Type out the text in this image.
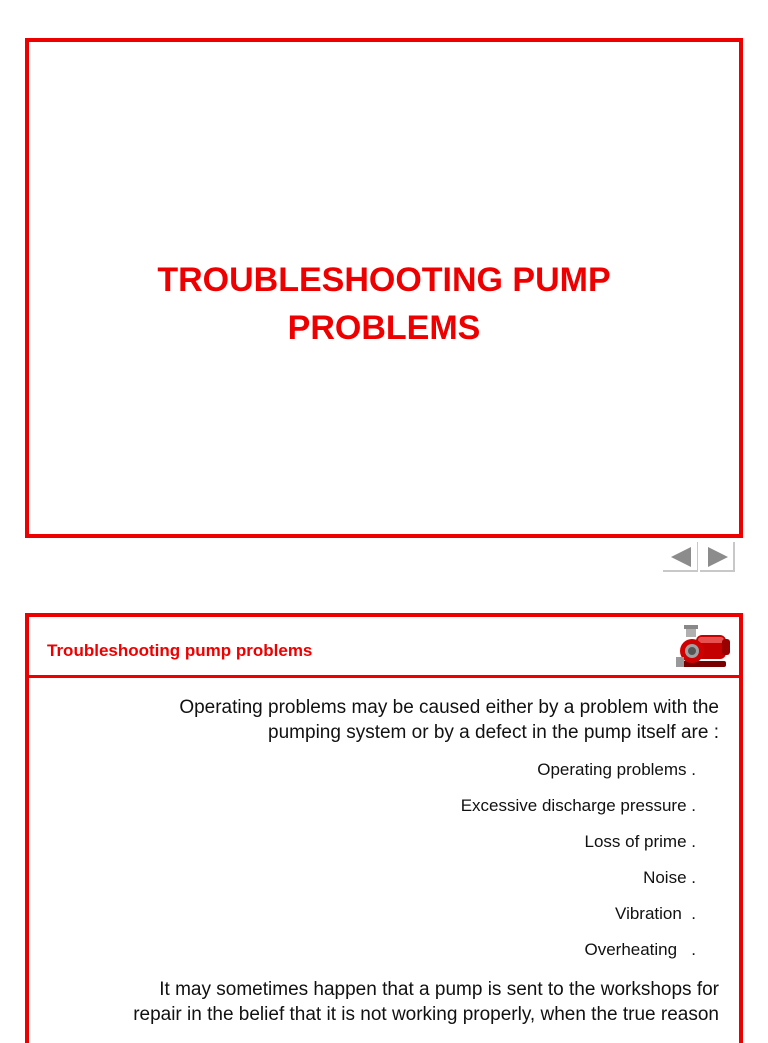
TROUBLESHOOTING PUMP
PROBLEMS
Troubleshooting pump problems
Operating problems may be caused either by a problem with the
pumping system or by a defect in the pump itself are :
Operating problems .
Excessive discharge pressure .
Loss of prime .
Noise .
Vibration  .
Overheating   .
It may sometimes happen that a pump is sent to the workshops for
repair in the belief that it is not working properly, when the true reason
